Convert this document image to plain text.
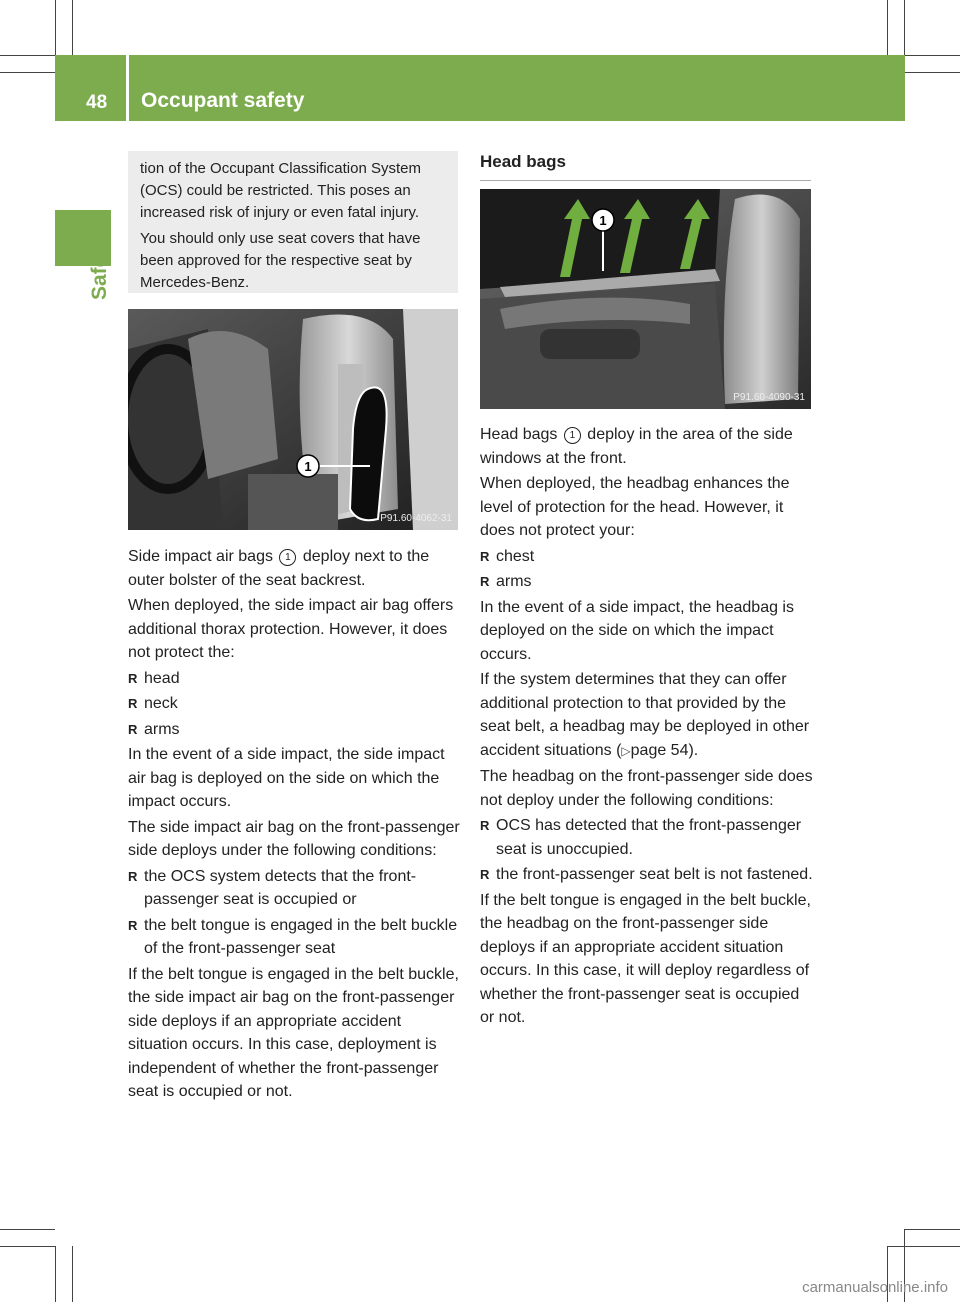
48 Occupant safety
Safety

tion of the Occupant Classification System (OCS) could be restricted. This poses an increased risk of injury or even fatal injury.

You should only use seat covers that have been approved for the respective seat by Mercedes-Benz.

1
P91.60-4062-31

Side impact air bags 1 deploy next to the outer bolster of the seat backrest.

When deployed, the side impact air bag offers additional thorax protection. However, it does not protect the:

R head
R neck
R arms

In the event of a side impact, the side impact air bag is deployed on the side on which the impact occurs.

The side impact air bag on the front-passenger side deploys under the following conditions:

R the OCS system detects that the front-passenger seat is occupied or
R the belt tongue is engaged in the belt buckle of the front-passenger seat

If the belt tongue is engaged in the belt buckle, the side impact air bag on the front-passenger side deploys if an appropriate accident situation occurs. In this case, deployment is independent of whether the front-passenger seat is occupied or not.

Head bags
1
P91.60-4090-31

Head bags 1 deploy in the area of the side windows at the front.

When deployed, the headbag enhances the level of protection for the head. However, it does not protect your:

R chest
R arms

In the event of a side impact, the headbag is deployed on the side on which the impact occurs.

If the system determines that they can offer additional protection to that provided by the seat belt, a headbag may be deployed in other accident situations (▷page 54).

The headbag on the front-passenger side does not deploy under the following conditions:

R OCS has detected that the front-passenger seat is unoccupied.
R the front-passenger seat belt is not fastened.

If the belt tongue is engaged in the belt buckle, the headbag on the front-passenger side deploys if an appropriate accident situation occurs. In this case, it will deploy regardless of whether the front-passenger seat is occupied or not.

carmanualsonline.info
